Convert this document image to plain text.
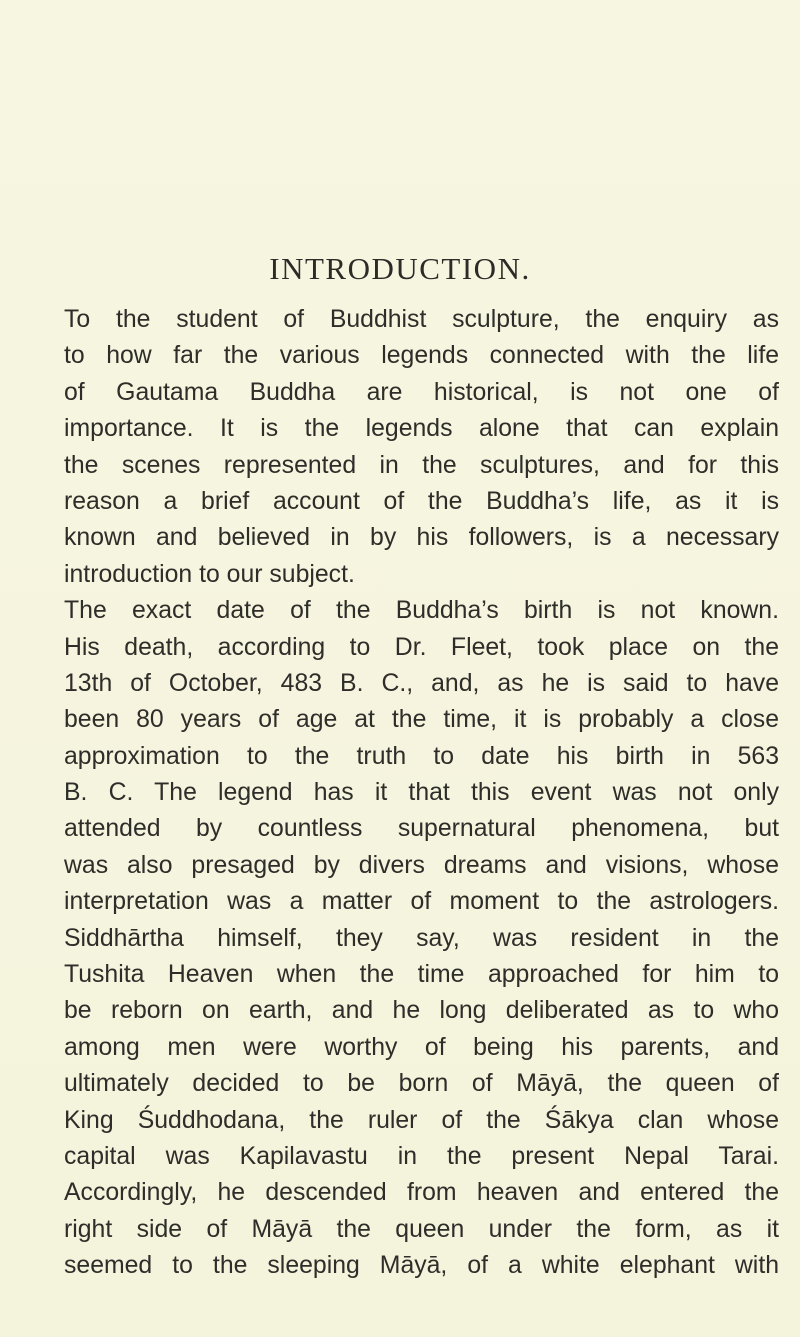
INTRODUCTION.
To the student of Buddhist sculpture, the enquiry as
to how far the various legends connected with the life
of Gautama Buddha are historical, is not one of
importance. It is the legends alone that can explain
the scenes represented in the sculptures, and for this
reason a brief account of the Buddha’s life, as it is
known and believed in by his followers, is a necessary
introduction to our subject.
The exact date of the Buddha’s birth is not known.
His death, according to Dr. Fleet, took place on the
13th of October, 483 B. C., and, as he is said to have
been 80 years of age at the time, it is probably a close
approximation to the truth to date his birth in 563
B. C. The legend has it that this event was not only
attended by countless supernatural phenomena, but
was also presaged by divers dreams and visions, whose
interpretation was a matter of moment to the astrologers.
Siddhārtha himself, they say, was resident in the
Tushita Heaven when the time approached for him to
be reborn on earth, and he long deliberated as to who
among men were worthy of being his parents, and
ultimately decided to be born of Māyā, the queen of
King Śuddhodana, the ruler of the Śākya clan whose
capital was Kapilavastu in the present Nepal Tarai.
Accordingly, he descended from heaven and entered the
right side of Māyā the queen under the form, as it
seemed to the sleeping Māyā, of a white elephant with
